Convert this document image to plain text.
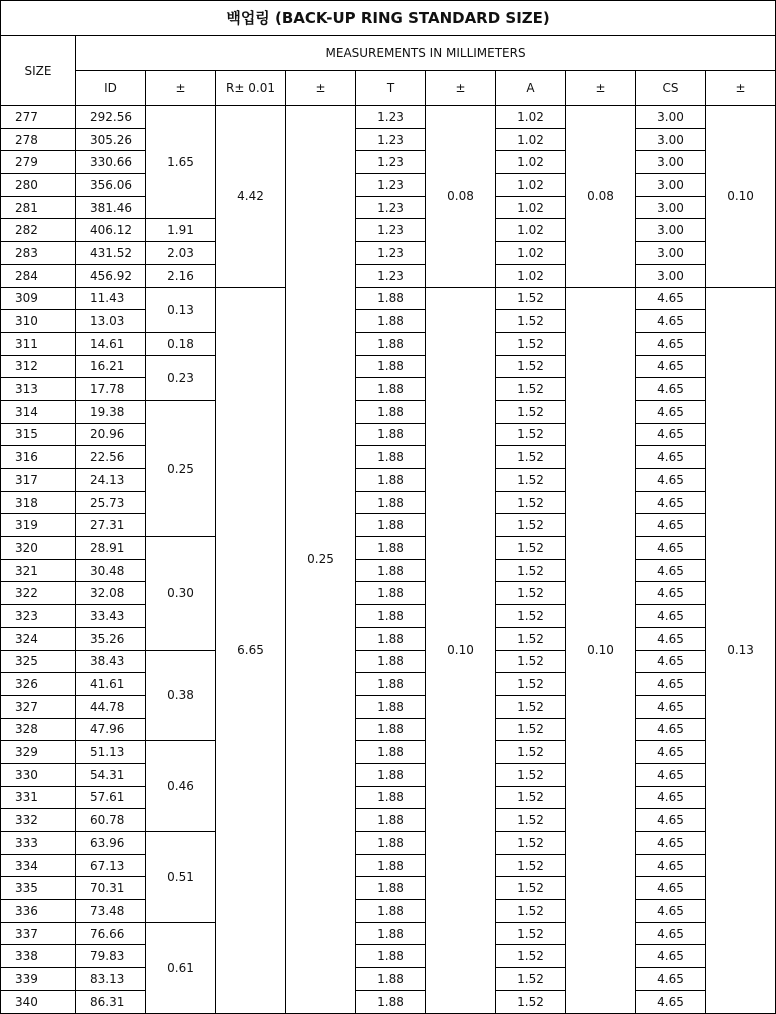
백업링 (BACK-UP RING STANDARD SIZE)										
SIZE	MEASUREMENTS IN MILLIMETERS									
	ID	±	R± 0.01	±	T	±	A	±	CS	±
277	292.56	1.65	4.42	0.25	1.23	0.08	1.02	0.08	3.00	0.10
278	305.26				1.23		1.02		3.00	
279	330.66				1.23		1.02		3.00	
280	356.06				1.23		1.02		3.00	
281	381.46				1.23		1.02		3.00	
282	406.12	1.91			1.23		1.02		3.00	
283	431.52	2.03			1.23		1.02		3.00	
284	456.92	2.16			1.23		1.02		3.00	
309	11.43	0.13	6.65		1.88	0.10	1.52	0.10	4.65	0.13
310	13.03				1.88		1.52		4.65	
311	14.61	0.18			1.88		1.52		4.65	
312	16.21	0.23			1.88		1.52		4.65	
313	17.78				1.88		1.52		4.65	
314	19.38	0.25			1.88		1.52		4.65	
315	20.96				1.88		1.52		4.65	
316	22.56				1.88		1.52		4.65	
317	24.13				1.88		1.52		4.65	
318	25.73				1.88		1.52		4.65	
319	27.31				1.88		1.52		4.65	
320	28.91	0.30			1.88		1.52		4.65	
321	30.48				1.88		1.52		4.65	
322	32.08				1.88		1.52		4.65	
323	33.43				1.88		1.52		4.65	
324	35.26				1.88		1.52		4.65	
325	38.43	0.38			1.88		1.52		4.65	
326	41.61				1.88		1.52		4.65	
327	44.78				1.88		1.52		4.65	
328	47.96				1.88		1.52		4.65	
329	51.13	0.46			1.88		1.52		4.65	
330	54.31				1.88		1.52		4.65	
331	57.61				1.88		1.52		4.65	
332	60.78				1.88		1.52		4.65	
333	63.96	0.51			1.88		1.52		4.65	
334	67.13				1.88		1.52		4.65	
335	70.31				1.88		1.52		4.65	
336	73.48				1.88		1.52		4.65	
337	76.66	0.61			1.88		1.52		4.65	
338	79.83				1.88		1.52		4.65	
339	83.13				1.88		1.52		4.65	
340	86.31				1.88		1.52		4.65	
